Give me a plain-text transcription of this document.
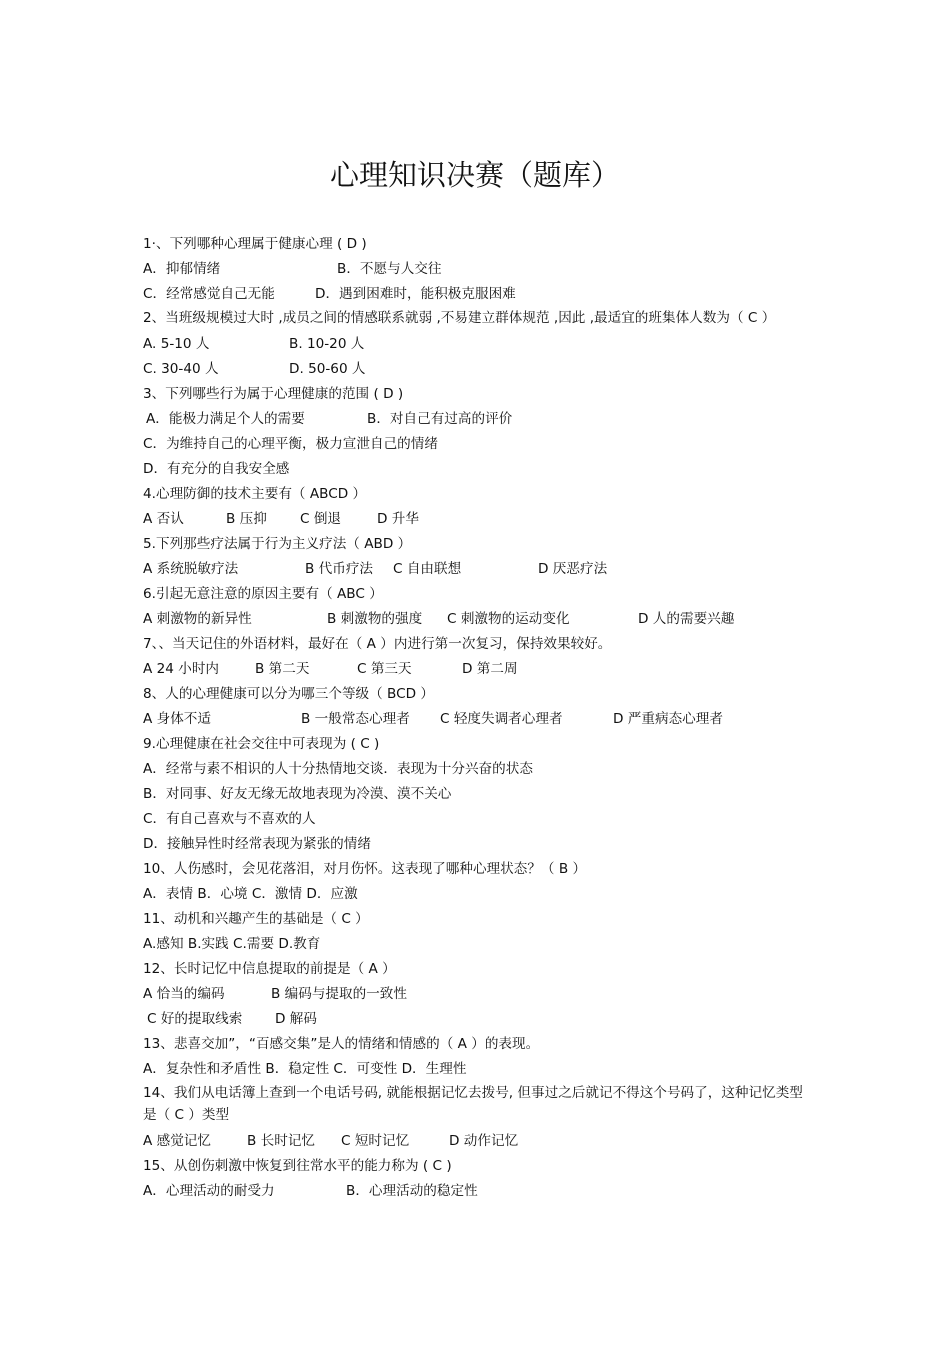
心理知识决赛（题库）
1·、下列哪种心理属于健康心理 ( D )
A．抑郁情绪	B．不愿与人交往
C．经常感觉自己无能	D．遇到困难时，能积极克服困难
2、当班级规模过大时 ,成员之间的情感联系就弱 ,不易建立群体规范 ,因此 ,最适宜的班集体人数为（ C ）
A. 5-10 人	B. 10-20 人
C. 30-40 人	D. 50-60 人
3、下列哪些行为属于心理健康的范围 ( D )
A．能极力满足个人的需要	B．对自己有过高的评价
C．为维持自己的心理平衡，极力宣泄自己的情绪
D．有充分的自我安全感
4.心理防御的技术主要有（ ABCD ）
A 否认	B 压抑 C 倒退	D 升华
5.下列那些疗法属于行为主义疗法（ ABD ）
A 系统脱敏疗法	B 代币疗法 C 自由联想	D 厌恶疗法
6.引起无意注意的原因主要有（ ABC ）
A 刺激物的新异性	B 刺激物的强度 C 刺激物的运动变化	D 人的需要兴趣
7、、当天记住的外语材料，最好在（ A ）内进行第一次复习，保持效果较好。
A 24 小时内	B 第二天	C 第三天	D 第二周
8、人的心理健康可以分为哪三个等级（ BCD ）
A 身体不适	B 一般常态心理者 C 轻度失调者心理者	D 严重病态心理者
9.心理健康在社会交往中可表现为 ( C )
A．经常与素不相识的人十分热情地交谈．表现为十分兴奋的状态
B．对同事、好友无缘无故地表现为冷漠、漠不关心
C．有自己喜欢与不喜欢的人
D．接触异性时经常表现为紧张的情绪
10、人伤感时，会见花落泪，对月伤怀。这表现了哪种心理状态？（ B ）
A．表情 B．心境 C．激情 D．应激
11、动机和兴趣产生的基础是（ C ）
A.感知 B.实践 C.需要 D.教育
12、长时记忆中信息提取的前提是（ A ）
A 恰当的编码	B 编码与提取的一致性
C 好的提取线索 D 解码
13、悲喜交加”，“百感交集”是人的情绪和情感的（ A ）的表现。
A．复杂性和矛盾性 B．稳定性 C．可变性 D．生理性
14、我们从电话簿上查到一个电话号码, 就能根据记忆去拨号, 但事过之后就记不得这个号码了，这种记忆类型是（ C ）类型
A 感觉记忆	B 长时记忆 C 短时记忆	D 动作记忆
15、从创伤刺激中恢复到往常水平的能力称为 ( C )
A．心理活动的耐受力	B．心理活动的稳定性
